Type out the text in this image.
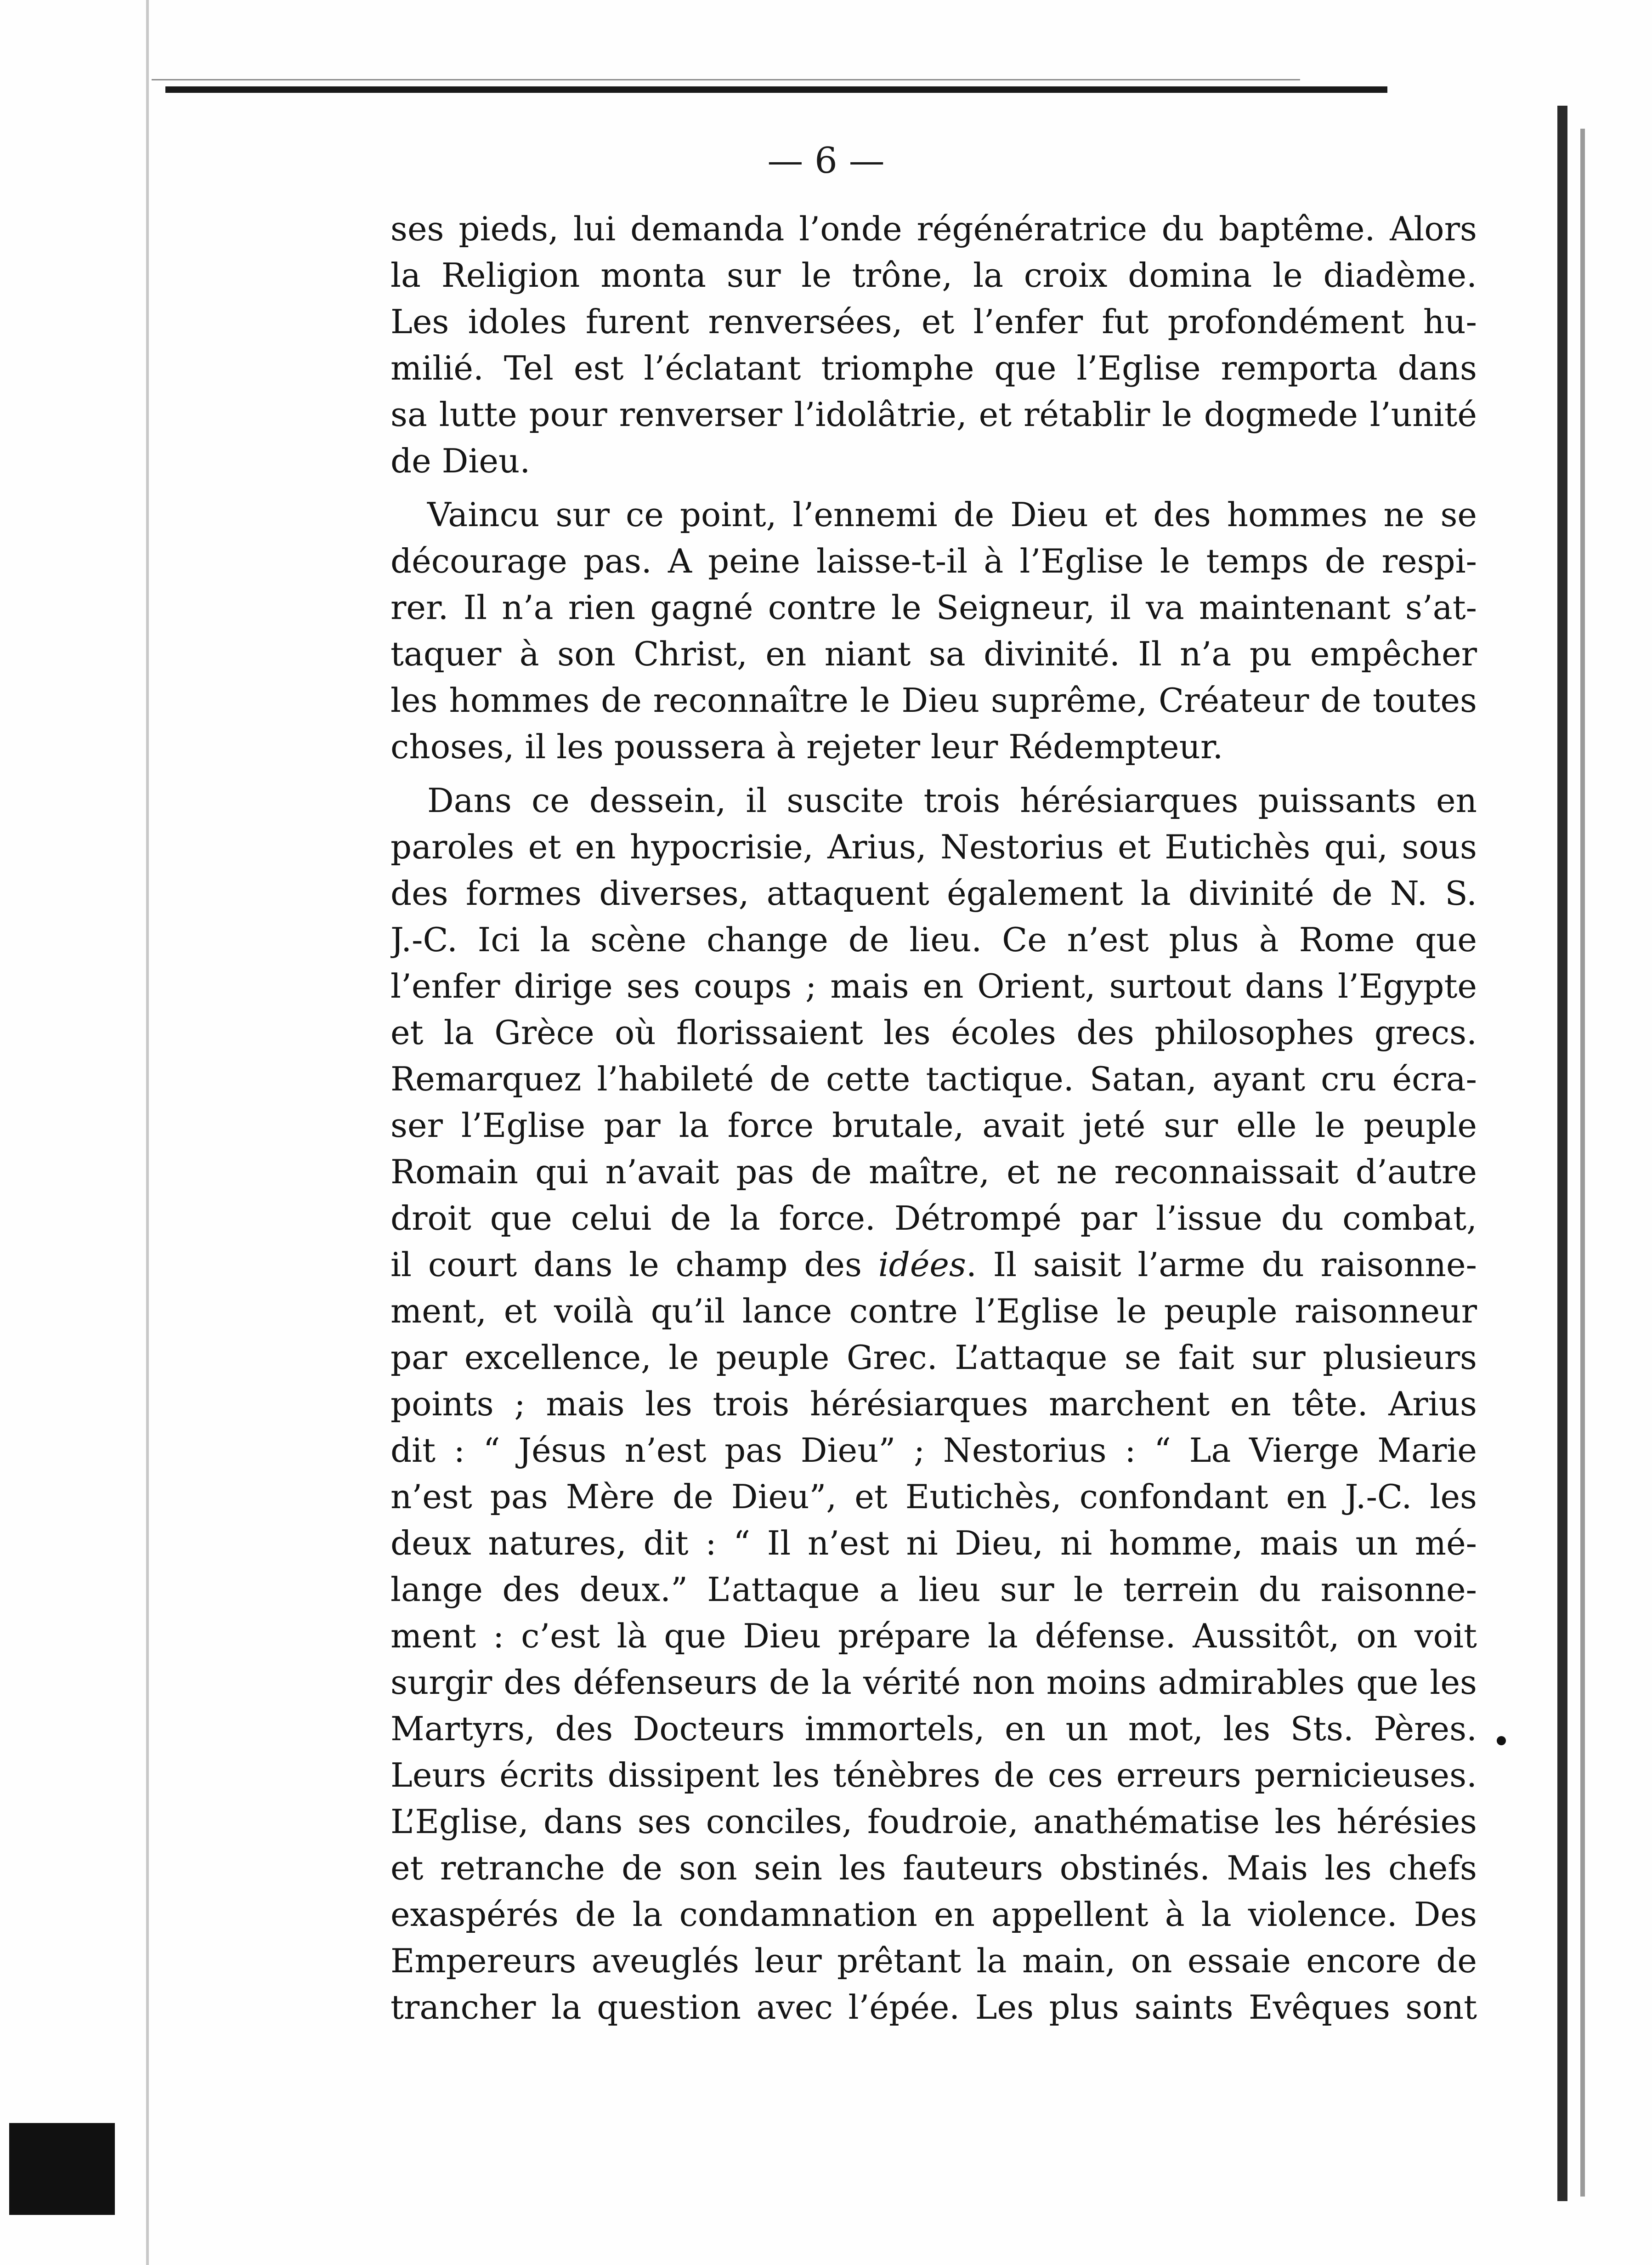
— 6 —
ses pieds, lui demanda l’onde régénératrice du baptême. Alors
la Religion monta sur le trône, la croix domina le diadème.
Les idoles furent renversées, et l’enfer fut profondément hu-
milié. Tel est l’éclatant triomphe que l’Eglise remporta dans
sa lutte pour renverser l’idolâtrie, et rétablir le dogmede l’unité
de Dieu.
Vaincu sur ce point, l’ennemi de Dieu et des hommes ne se
décourage pas. A peine laisse-t-il à l’Eglise le temps de respi-
rer. Il n’a rien gagné contre le Seigneur, il va maintenant s’at-
taquer à son Christ, en niant sa divinité. Il n’a pu empêcher
les hommes de reconnaître le Dieu suprême, Créateur de toutes
choses, il les poussera à rejeter leur Rédempteur.
Dans ce dessein, il suscite trois hérésiarques puissants en
paroles et en hypocrisie, Arius, Nestorius et Eutichès qui, sous
des formes diverses, attaquent également la divinité de N. S.
J.-C. Ici la scène change de lieu. Ce n’est plus à Rome que
l’enfer dirige ses coups ; mais en Orient, surtout dans l’Egypte
et la Grèce où florissaient les écoles des philosophes grecs.
Remarquez l’habileté de cette tactique. Satan, ayant cru écra-
ser l’Eglise par la force brutale, avait jeté sur elle le peuple
Romain qui n’avait pas de maître, et ne reconnaissait d’autre
droit que celui de la force. Détrompé par l’issue du combat,
il court dans le champ des idées. Il saisit l’arme du raisonne-
ment, et voilà qu’il lance contre l’Eglise le peuple raisonneur
par excellence, le peuple Grec. L’attaque se fait sur plusieurs
points ; mais les trois hérésiarques marchent en tête. Arius
dit : “ Jésus n’est pas Dieu” ; Nestorius : “ La Vierge Marie
n’est pas Mère de Dieu”, et Eutichès, confondant en J.-C. les
deux natures, dit : “ Il n’est ni Dieu, ni homme, mais un mé-
lange des deux.” L’attaque a lieu sur le terrein du raisonne-
ment : c’est là que Dieu prépare la défense. Aussitôt, on voit
surgir des défenseurs de la vérité non moins admirables que les
Martyrs, des Docteurs immortels, en un mot, les Sts. Pères.
Leurs écrits dissipent les ténèbres de ces erreurs pernicieuses.
L’Eglise, dans ses conciles, foudroie, anathématise les hérésies
et retranche de son sein les fauteurs obstinés. Mais les chefs
exaspérés de la condamnation en appellent à la violence. Des
Empereurs aveuglés leur prêtant la main, on essaie encore de
trancher la question avec l’épée. Les plus saints Evêques sont
